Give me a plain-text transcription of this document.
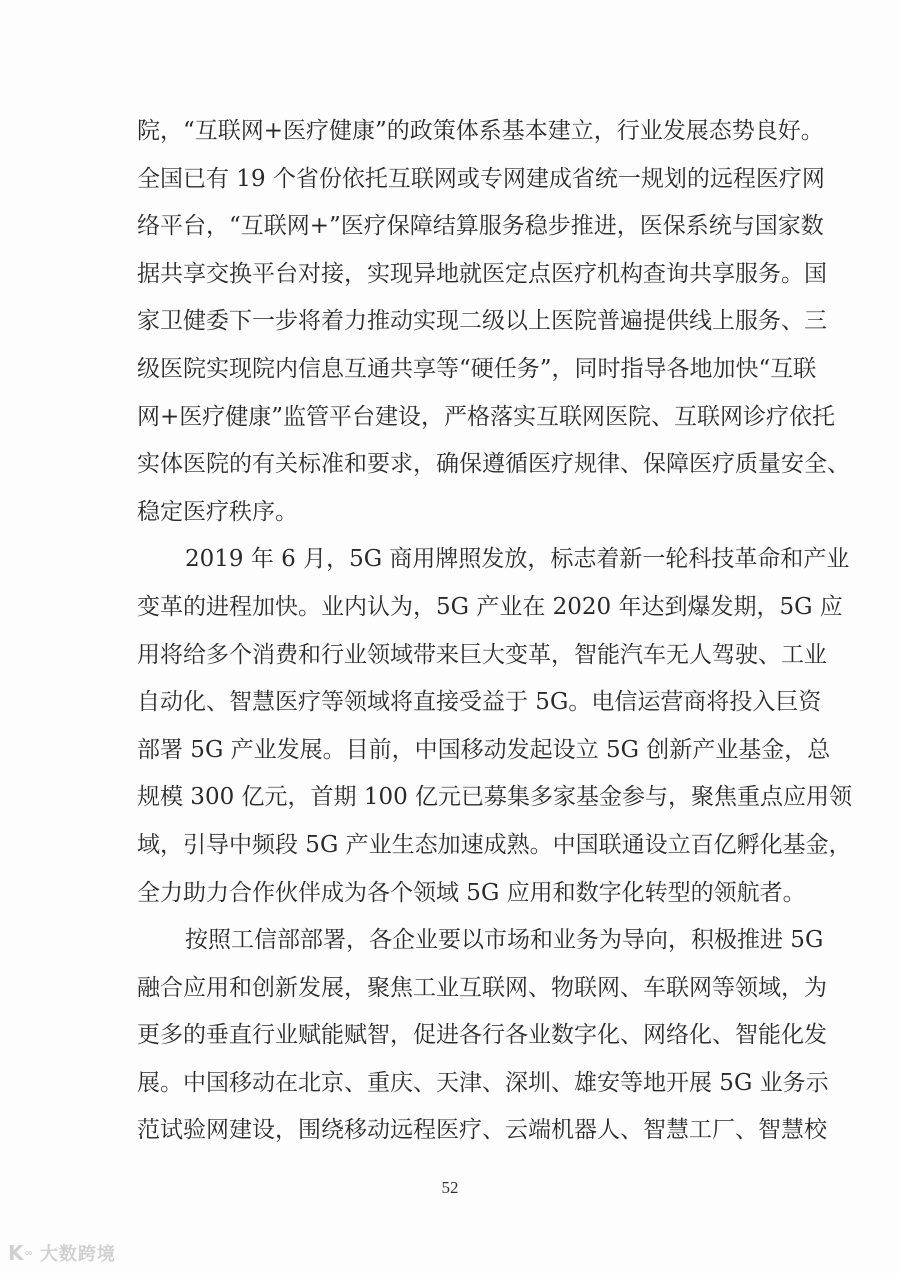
院，“互联网+医疗健康”的政策体系基本建立，行业发展态势良好。
全国已有 19 个省份依托互联网或专网建成省统一规划的远程医疗网
络平台，“互联网+”医疗保障结算服务稳步推进，医保系统与国家数
据共享交换平台对接，实现异地就医定点医疗机构查询共享服务。国
家卫健委下一步将着力推动实现二级以上医院普遍提供线上服务、三
级医院实现院内信息互通共享等“硬任务”，同时指导各地加快“互联
网+医疗健康”监管平台建设，严格落实互联网医院、互联网诊疗依托
实体医院的有关标准和要求，确保遵循医疗规律、保障医疗质量安全、
稳定医疗秩序。
2019 年 6 月，5G 商用牌照发放，标志着新一轮科技革命和产业
变革的进程加快。业内认为，5G 产业在 2020 年达到爆发期，5G 应
用将给多个消费和行业领域带来巨大变革，智能汽车无人驾驶、工业
自动化、智慧医疗等领域将直接受益于 5G。电信运营商将投入巨资
部署 5G 产业发展。目前，中国移动发起设立 5G 创新产业基金，总
规模 300 亿元，首期 100 亿元已募集多家基金参与，聚焦重点应用领
域，引导中频段 5G 产业生态加速成熟。中国联通设立百亿孵化基金，
全力助力合作伙伴成为各个领域 5G 应用和数字化转型的领航者。
按照工信部部署，各企业要以市场和业务为导向，积极推进 5G
融合应用和创新发展，聚焦工业互联网、物联网、车联网等领域，为
更多的垂直行业赋能赋智，促进各行各业数字化、网络化、智能化发
展。中国移动在北京、重庆、天津、深圳、雄安等地开展 5G 业务示
范试验网建设，围绕移动远程医疗、云端机器人、智慧工厂、智慧校
52
K ∞ 大数跨境
